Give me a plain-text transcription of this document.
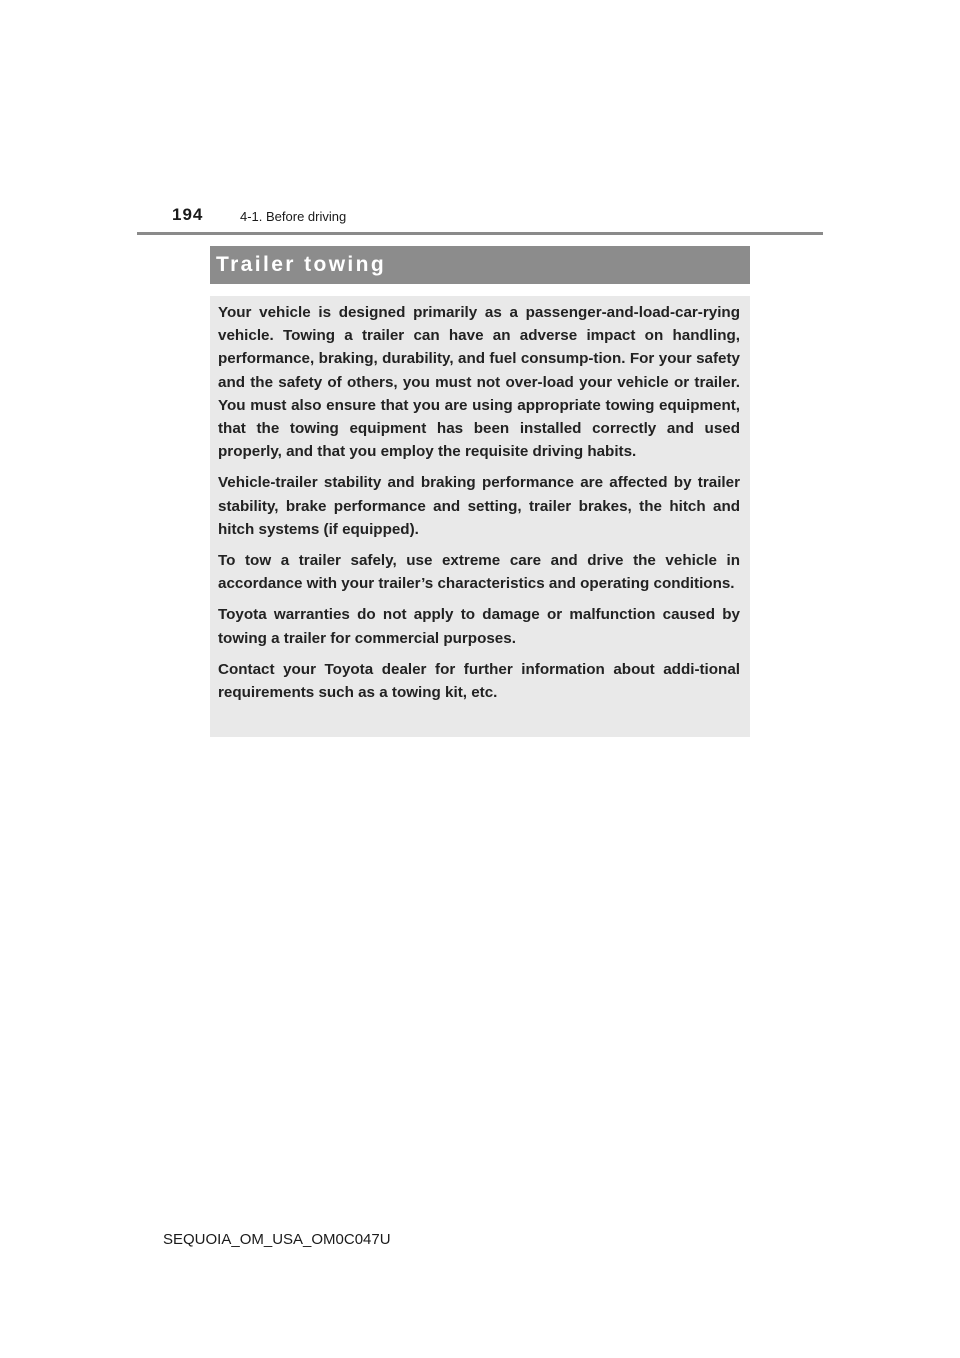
194	4-1. Before driving
Trailer towing

Your vehicle is designed primarily as a passenger-and-load-car-rying vehicle. Towing a trailer can have an adverse impact on handling, performance, braking, durability, and fuel consump-tion. For your safety and the safety of others, you must not over-load your vehicle or trailer. You must also ensure that you are using appropriate towing equipment, that the towing equipment has been installed correctly and used properly, and that you employ the requisite driving habits.

Vehicle-trailer stability and braking performance are affected by trailer stability, brake performance and setting, trailer brakes, the hitch and hitch systems (if equipped).

To tow a trailer safely, use extreme care and drive the vehicle in accordance with your trailer’s characteristics and operating conditions.

Toyota warranties do not apply to damage or malfunction caused by towing a trailer for commercial purposes.

Contact your Toyota dealer for further information about addi-tional requirements such as a towing kit, etc.

SEQUOIA_OM_USA_OM0C047U
